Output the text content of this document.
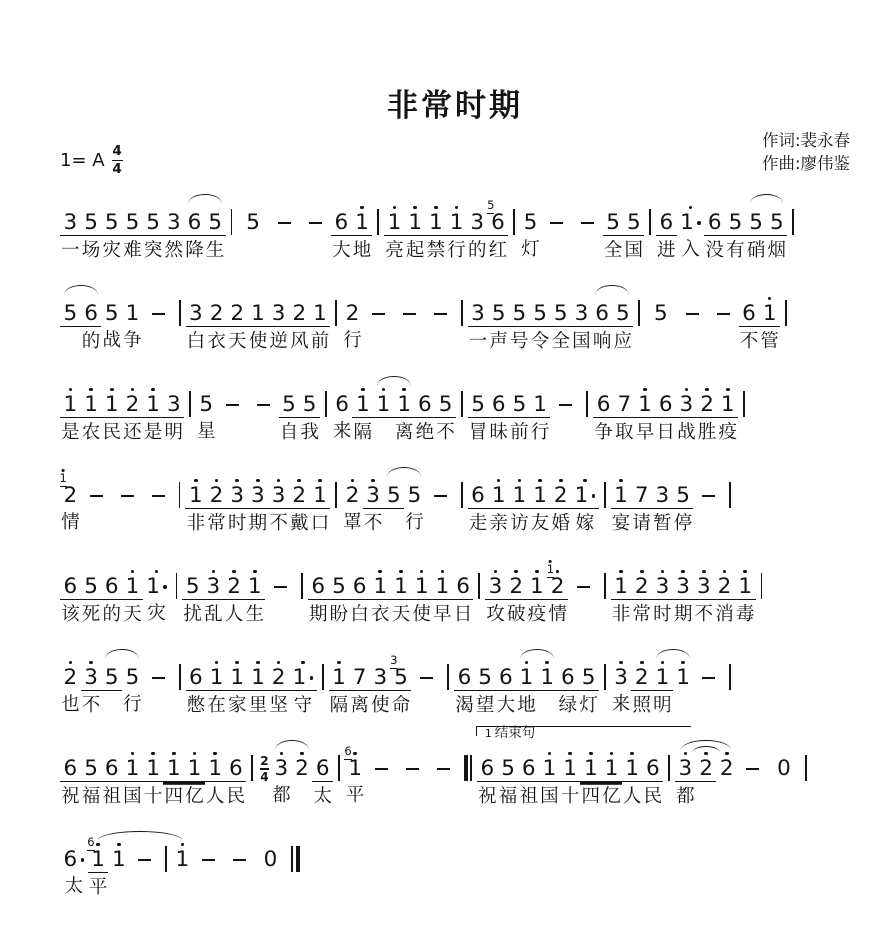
非常时期
1= A $\frac{4}{4}$
作词:裴永春
作曲:廖伟鉴
3
一
5
场
5
灾
5
难
5
突
3
然
6
降
5
生
5	6
大
1
地
1
亮
1
起
1
禁
1
行
3
的
5
6
红
5
灯
5
全
5
国
6
进
1
入
6
没
5
有
5
硝
5
烟
5 6
的
5
战
1
争
3
白
2
衣
2
天
1
使
3
逆
2
风
1
前
2
行
3
一
5
声
5
号
5
令
5
全
3
国
6
响
5
应
5	6
不
1
管
1
是
1
农
1
民
2
还
1
是
3
明
5
星
5
自
5
我
6
来
1
隔
1 1
离
6
绝
5
不
5
冒
6
昧
5
前
1
行
6
争
7
取
1
早
6
日
3
战
2
胜
1
疫
1
2
情
1
非
2
常
3
时
3
期
3
不
2
戴
1
口
2
罩
3
不
5 5
行
6
走
1
亲
1
访
1
友
2
婚
1
嫁
1
宴
7
请
3
暂
5
停
6
该
5
死
6
的
1
天
1
灾
5
扰
3
乱
2
人
1
生
6
期
5
盼
6
白
1
衣
1
天
1
使
1
早
6
日
3
攻
2
破
1
疫
1
2
情
1
非
2
常
3
时
3
期
3
不
2
消
1
毒
2
也
3
不
5 5
行
6
憋
1
在
1
家
1
里
2
坚
1
守
1
隔
7
离
3
使
3
5
命
6
渴
5
望
6
大
1
地
1 6
绿
5
灯
3
来
2
照
1
明
1
6
祝
5
福
6
祖
1
国
1
十
1
四
1
亿
1
人
6
民
2
4 3
都
2 6
太
6
1
平
1 结束句
6
祝
5
福
6
祖
1
国
1
十
1
四
1
亿
1
人
6
民
3
都
2 2 0
6
太
6
1
平
1 1	0
